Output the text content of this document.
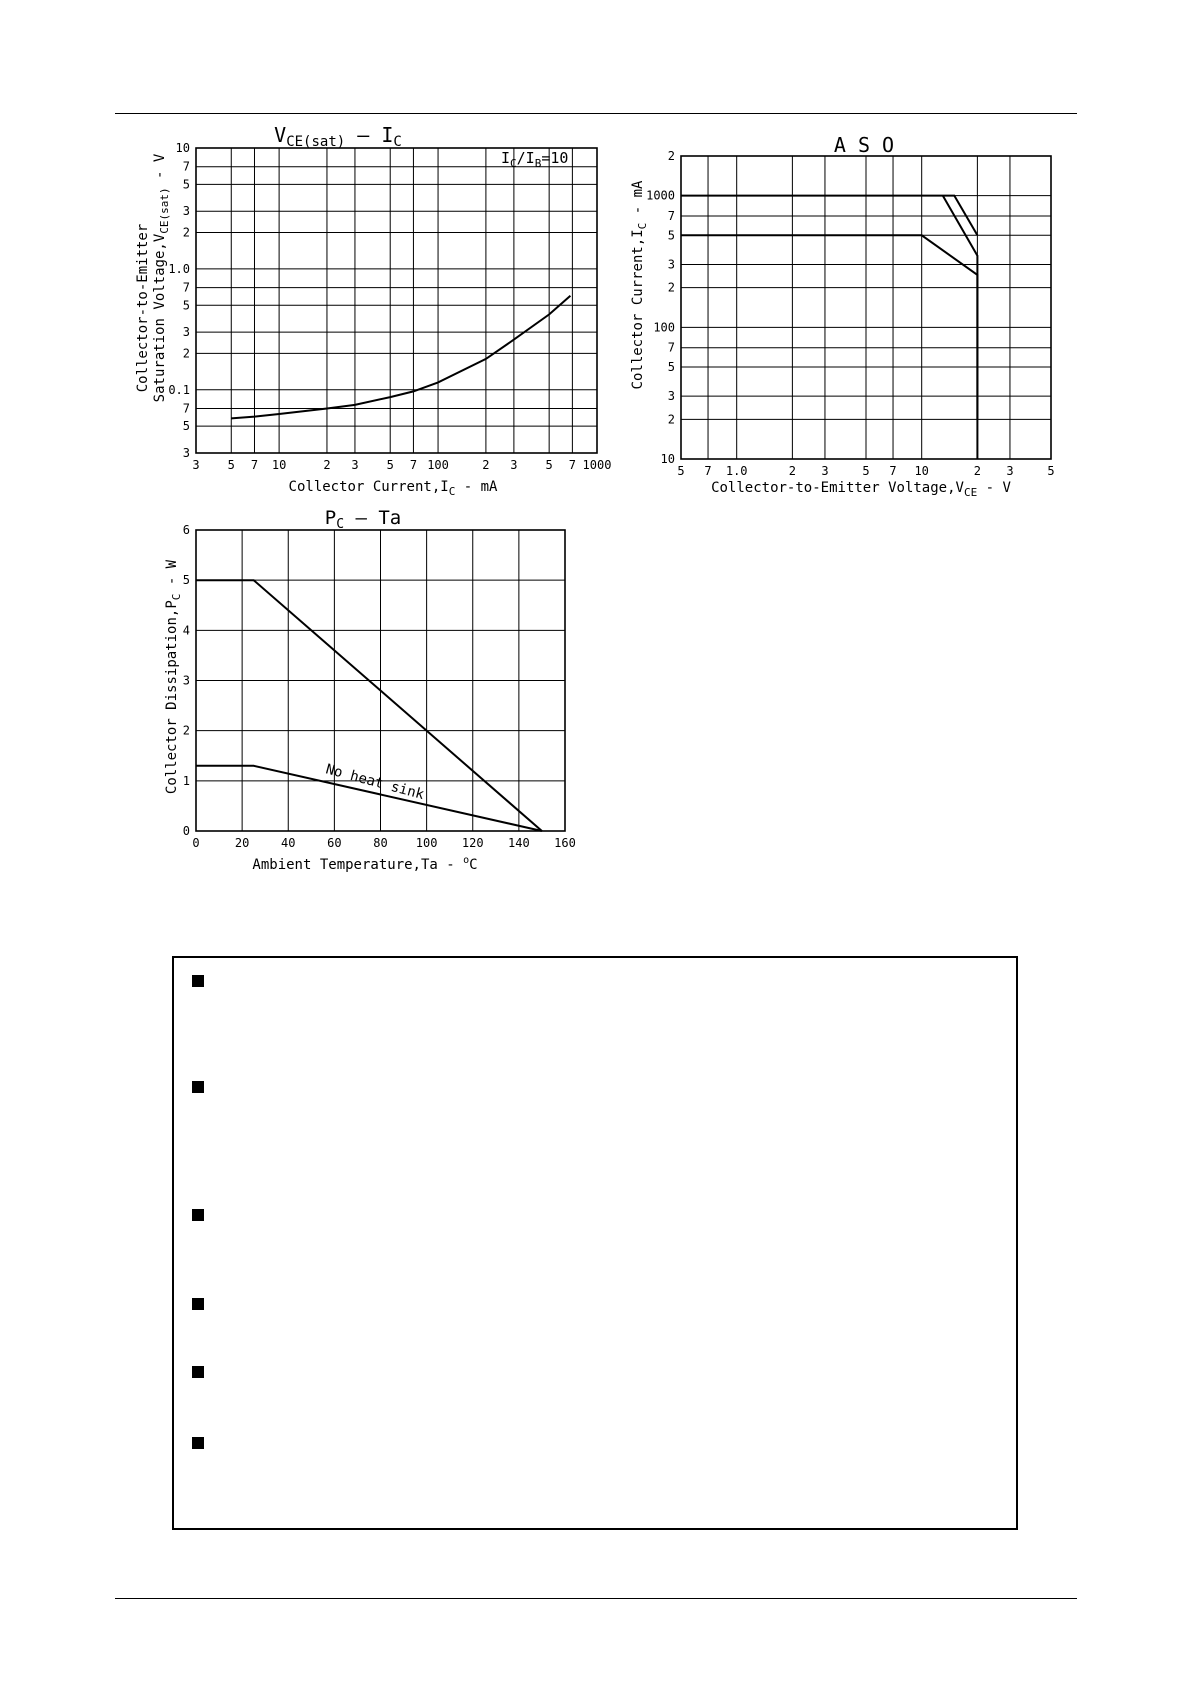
3 5 7 10	2 3 5 7 100	2 3 5 7 1000
3
5
7
0.1
2
3
5
7
1.0
2
3
5
7
10
$V_{CE(sat)} - I_C$
$I_C/I_B=10$
Collector $Current,I_C$ - mA
Collector-to-Emitter Saturation $Voltage,V_{CE(sat)}$ - V
5 7 1.0	2 3	5 7 10	2 3	5
10
2
3
5
7
100
2
3
5
7
1000
2	A S O
Collector-to-Emitter $Voltage,V_{CE}$ - V
Collector $Current,I_C$ - mA
0	20	40	60	80 100 120 140 160
0
1
2
3
4
5
6
$P_C$ – Ta
No heat sink
Ambient Temperature,Ta - $^o$C
Collector $Dissipation,P_C$ - W
